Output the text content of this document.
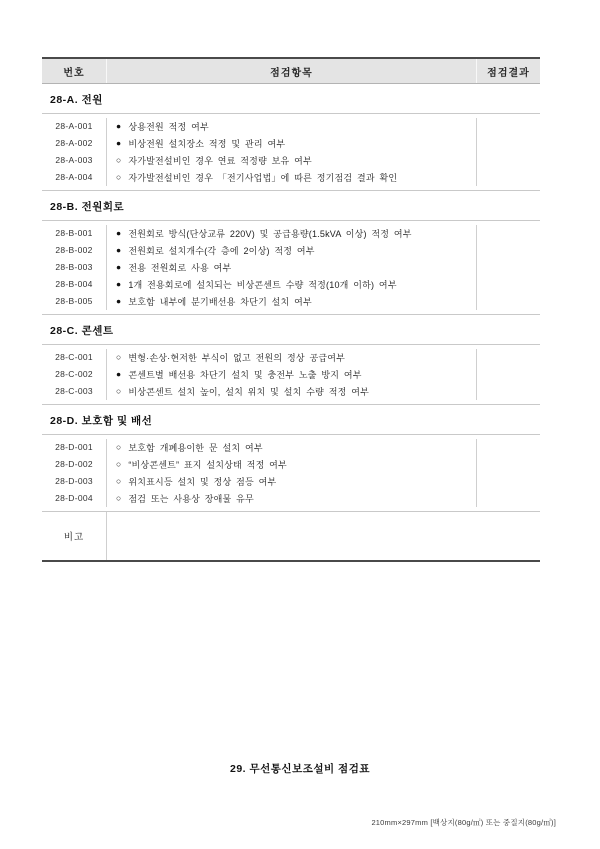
번호	점검항목	점검결과
28-A. 전원
28-A-001
28-A-002
28-A-003
28-A-004
● 상용전원 적정 여부
● 비상전원 설치장소 적정 및 관리 여부
○ 자가발전설비인 경우 연료 적정량 보유 여부
○ 자가발전설비인 경우 「전기사업법」에 따른 정기점검 결과 확인
28-B. 전원회로
28-B-001
28-B-002
28-B-003
28-B-004
28-B-005
● 전원회로 방식(단상교류 220V) 및 공급용량(1.5kVA 이상) 적정 여부
● 전원회로 설치개수(각 층에 2이상) 적정 여부
● 전용 전원회로 사용 여부
● 1개 전용회로에 설치되는 비상콘센트 수량 적정(10개 이하) 여부
● 보호함 내부에 분기배선용 차단기 설치 여부
28-C. 콘센트
28-C-001
28-C-002
28-C-003
○ 변형·손상·현저한 부식이 없고 전원의 정상 공급여부
● 콘센트별 배선용 차단기 설치 및 충전부 노출 방지 여부
○ 비상콘센트 설치 높이, 설치 위치 및 설치 수량 적정 여부
28-D. 보호함 및 배선
28-D-001
28-D-002
28-D-003
28-D-004
○ 보호함 개폐용이한 문 설치 여부
○ “비상콘센트” 표지 설치상태 적정 여부
○ 위치표시등 설치 및 정상 점등 여부
○ 점검 또는 사용상 장애물 유무
비고
29. 무선통신보조설비 점검표
210mm×297mm [백상지(80g/㎡) 또는 중질지(80g/㎡)]
